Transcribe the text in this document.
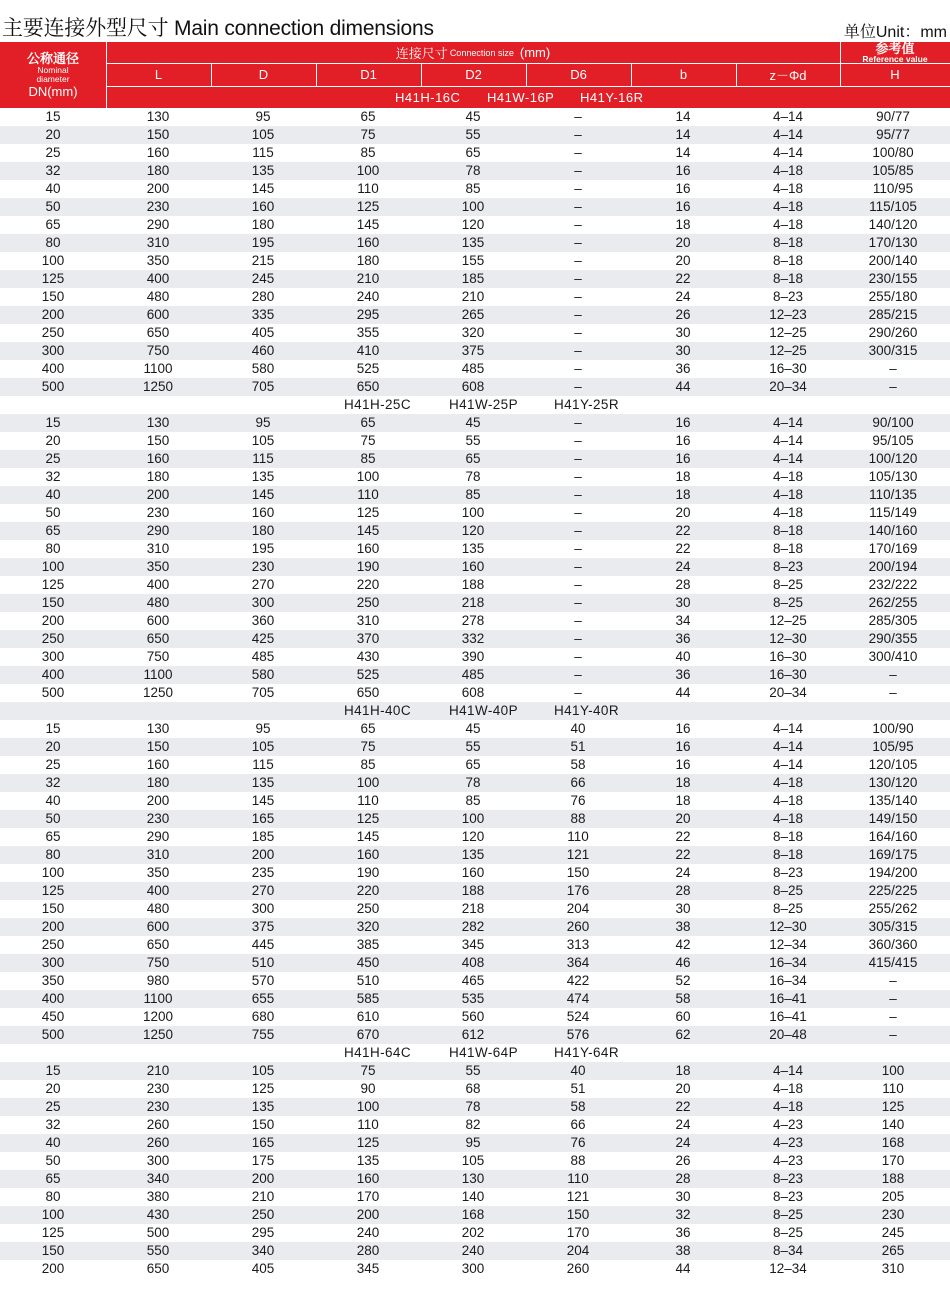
主要连接外型尺寸 Main connection dimensions	单位Unit：mm
公称通径
Nominal diameter
DN(mm)
连接尺寸 Connection size (mm)	参考值
Reference value
L	D	D1	D2	D6	b	z－Φd	H
H41H-16C H41W-16P H41Y-16R
15	130	95	65	45	–	14	4–14	90/77
20	150	105	75	55	–	14	4–14	95/77
25	160	115	85	65	–	14	4–14	100/80
32	180	135	100	78	–	16	4–18	105/85
40	200	145	110	85	–	16	4–18	110/95
50	230	160	125	100	–	16	4–18	115/105
65	290	180	145	120	–	18	4–18	140/120
80	310	195	160	135	–	20	8–18	170/130
100	350	215	180	155	–	20	8–18	200/140
125	400	245	210	185	–	22	8–18	230/155
150	480	280	240	210	–	24	8–23	255/180
200	600	335	295	265	–	26	12–23	285/215
250	650	405	355	320	–	30	12–25	290/260
300	750	460	410	375	–	30	12–25	300/315
400	1100	580	525	485	–	36	16–30	–
500	1250	705	650	608	–	44	20–34	–
H41H-25C	H41W-25P	H41Y-25R
15	130	95	65	45	–	16	4–14	90/100
20	150	105	75	55	–	16	4–14	95/105
25	160	115	85	65	–	16	4–14	100/120
32	180	135	100	78	–	18	4–18	105/130
40	200	145	110	85	–	18	4–18	110/135
50	230	160	125	100	–	20	4–18	115/149
65	290	180	145	120	–	22	8–18	140/160
80	310	195	160	135	–	22	8–18	170/169
100	350	230	190	160	–	24	8–23	200/194
125	400	270	220	188	–	28	8–25	232/222
150	480	300	250	218	–	30	8–25	262/255
200	600	360	310	278	–	34	12–25	285/305
250	650	425	370	332	–	36	12–30	290/355
300	750	485	430	390	–	40	16–30	300/410
400	1100	580	525	485	–	36	16–30	–
500	1250	705	650	608	–	44	20–34	–
H41H-40C	H41W-40P	H41Y-40R
15	130	95	65	45	40	16	4–14	100/90
20	150	105	75	55	51	16	4–14	105/95
25	160	115	85	65	58	16	4–14	120/105
32	180	135	100	78	66	18	4–18	130/120
40	200	145	110	85	76	18	4–18	135/140
50	230	165	125	100	88	20	4–18	149/150
65	290	185	145	120	110	22	8–18	164/160
80	310	200	160	135	121	22	8–18	169/175
100	350	235	190	160	150	24	8–23	194/200
125	400	270	220	188	176	28	8–25	225/225
150	480	300	250	218	204	30	8–25	255/262
200	600	375	320	282	260	38	12–30	305/315
250	650	445	385	345	313	42	12–34	360/360
300	750	510	450	408	364	46	16–34	415/415
350	980	570	510	465	422	52	16–34	–
400	1100	655	585	535	474	58	16–41	–
450	1200	680	610	560	524	60	16–41	–
500	1250	755	670	612	576	62	20–48	–
H41H-64C	H41W-64P	H41Y-64R
15	210	105	75	55	40	18	4–14	100
20	230	125	90	68	51	20	4–18	110
25	230	135	100	78	58	22	4–18	125
32	260	150	110	82	66	24	4–23	140
40	260	165	125	95	76	24	4–23	168
50	300	175	135	105	88	26	4–23	170
65	340	200	160	130	110	28	8–23	188
80	380	210	170	140	121	30	8–23	205
100	430	250	200	168	150	32	8–25	230
125	500	295	240	202	170	36	8–25	245
150	550	340	280	240	204	38	8–34	265
200	650	405	345	300	260	44	12–34	310
